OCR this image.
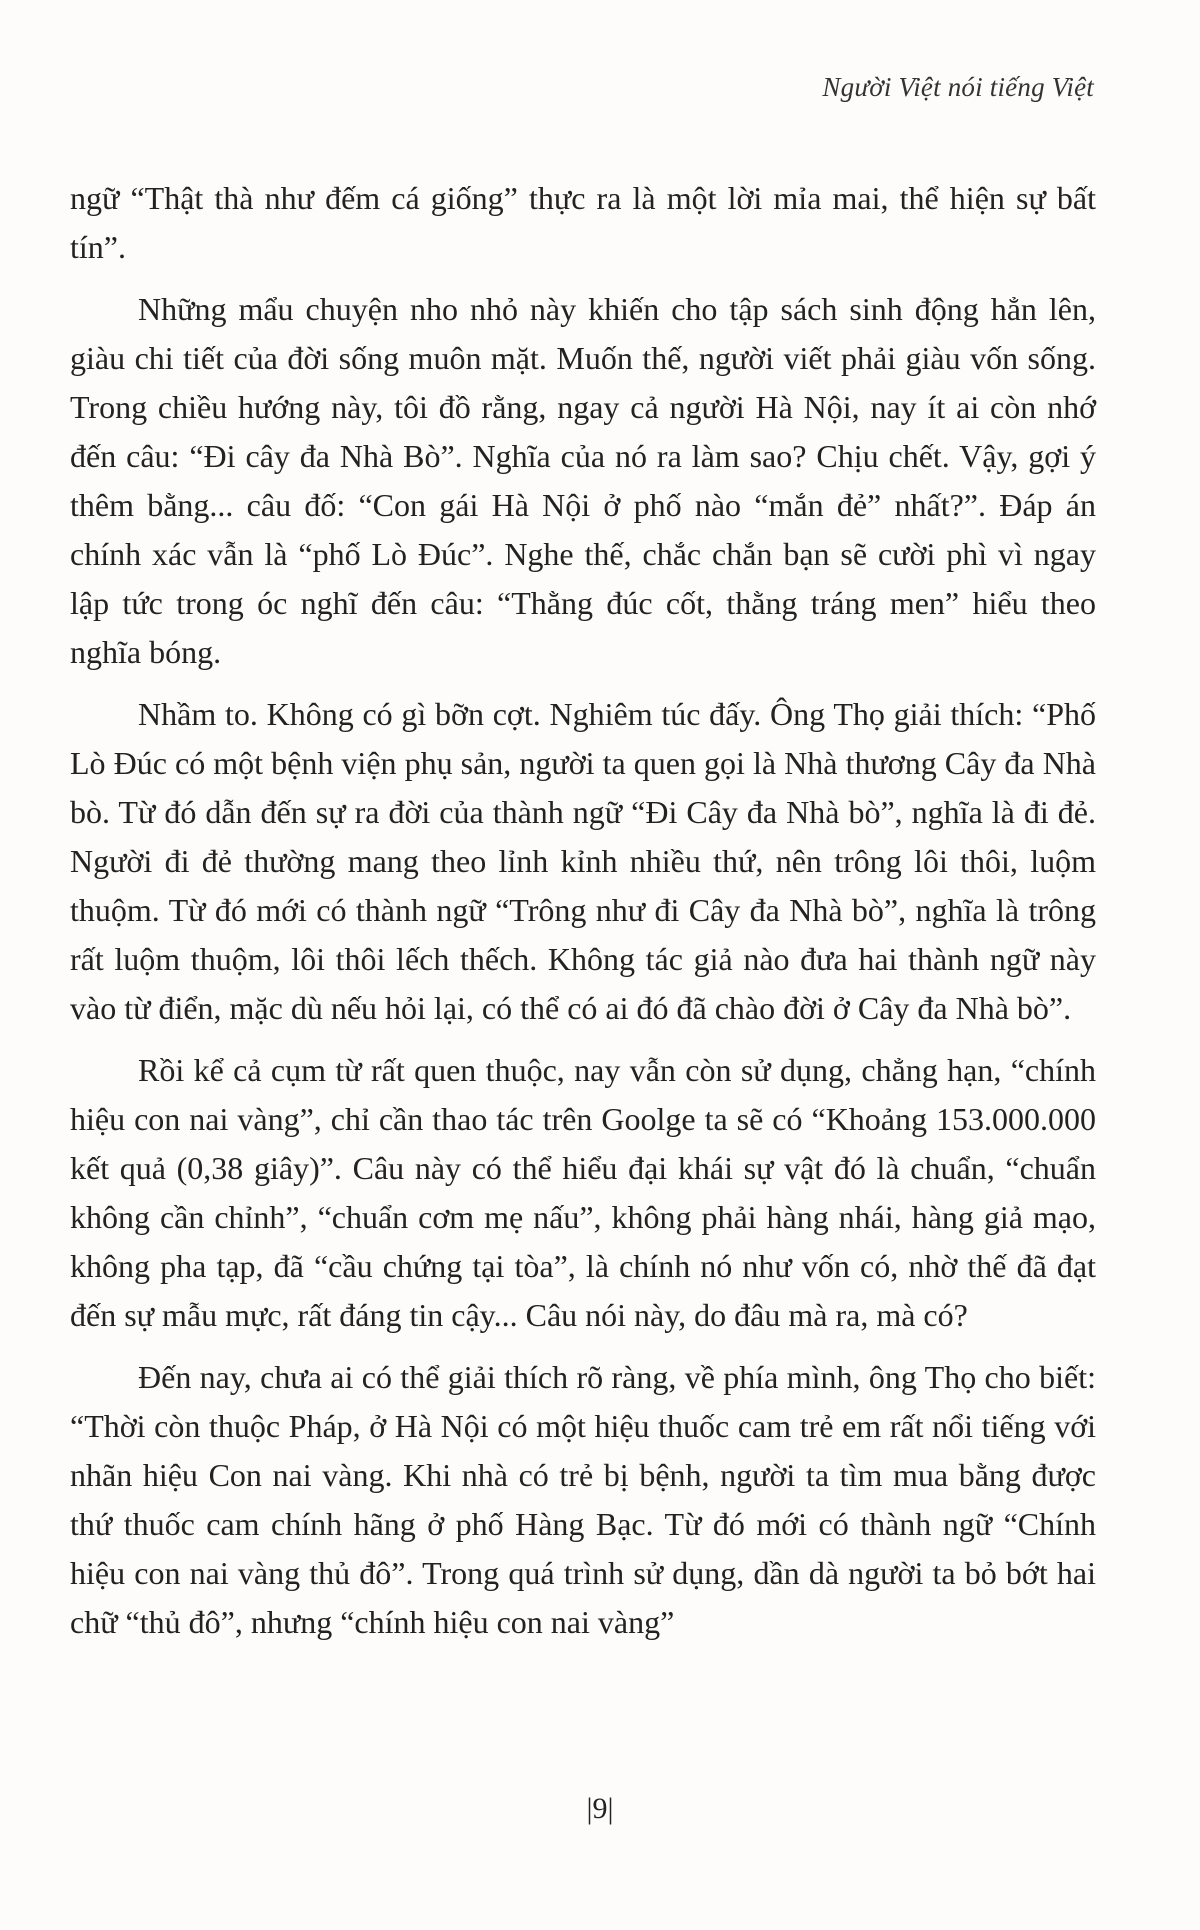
Người Việt nói tiếng Việt

ngữ “Thật thà như đếm cá giống” thực ra là một lời mỉa mai, thể hiện sự bất tín”.

Những mẩu chuyện nho nhỏ này khiến cho tập sách sinh động hẳn lên, giàu chi tiết của đời sống muôn mặt. Muốn thế, người viết phải giàu vốn sống. Trong chiều hướng này, tôi đồ rằng, ngay cả người Hà Nội, nay ít ai còn nhớ đến câu: “Đi cây đa Nhà Bò”. Nghĩa của nó ra làm sao? Chịu chết. Vậy, gợi ý thêm bằng... câu đố: “Con gái Hà Nội ở phố nào “mắn đẻ” nhất?”. Đáp án chính xác vẫn là “phố Lò Đúc”. Nghe thế, chắc chắn bạn sẽ cười phì vì ngay lập tức trong óc nghĩ đến câu: “Thằng đúc cốt, thằng tráng men” hiểu theo nghĩa bóng.

Nhầm to. Không có gì bỡn cợt. Nghiêm túc đấy. Ông Thọ giải thích: “Phố Lò Đúc có một bệnh viện phụ sản, người ta quen gọi là Nhà thương Cây đa Nhà bò. Từ đó dẫn đến sự ra đời của thành ngữ “Đi Cây đa Nhà bò”, nghĩa là đi đẻ. Người đi đẻ thường mang theo lỉnh kỉnh nhiều thứ, nên trông lôi thôi, luộm thuộm. Từ đó mới có thành ngữ “Trông như đi Cây đa Nhà bò”, nghĩa là trông rất luộm thuộm, lôi thôi lếch thếch. Không tác giả nào đưa hai thành ngữ này vào từ điển, mặc dù nếu hỏi lại, có thể có ai đó đã chào đời ở Cây đa Nhà bò”.

Rồi kể cả cụm từ rất quen thuộc, nay vẫn còn sử dụng, chẳng hạn, “chính hiệu con nai vàng”, chỉ cần thao tác trên Goolge ta sẽ có “Khoảng 153.000.000 kết quả (0,38 giây)”. Câu này có thể hiểu đại khái sự vật đó là chuẩn, “chuẩn không cần chỉnh”, “chuẩn cơm mẹ nấu”, không phải hàng nhái, hàng giả mạo, không pha tạp, đã “cầu chứng tại tòa”, là chính nó như vốn có, nhờ thế đã đạt đến sự mẫu mực, rất đáng tin cậy... Câu nói này, do đâu mà ra, mà có?

Đến nay, chưa ai có thể giải thích rõ ràng, về phía mình, ông Thọ cho biết: “Thời còn thuộc Pháp, ở Hà Nội có một hiệu thuốc cam trẻ em rất nổi tiếng với nhãn hiệu Con nai vàng. Khi nhà có trẻ bị bệnh, người ta tìm mua bằng được thứ thuốc cam chính hãng ở phố Hàng Bạc. Từ đó mới có thành ngữ “Chính hiệu con nai vàng thủ đô”. Trong quá trình sử dụng, dần dà người ta bỏ bớt hai chữ “thủ đô”, nhưng “chính hiệu con nai vàng”

|9|
